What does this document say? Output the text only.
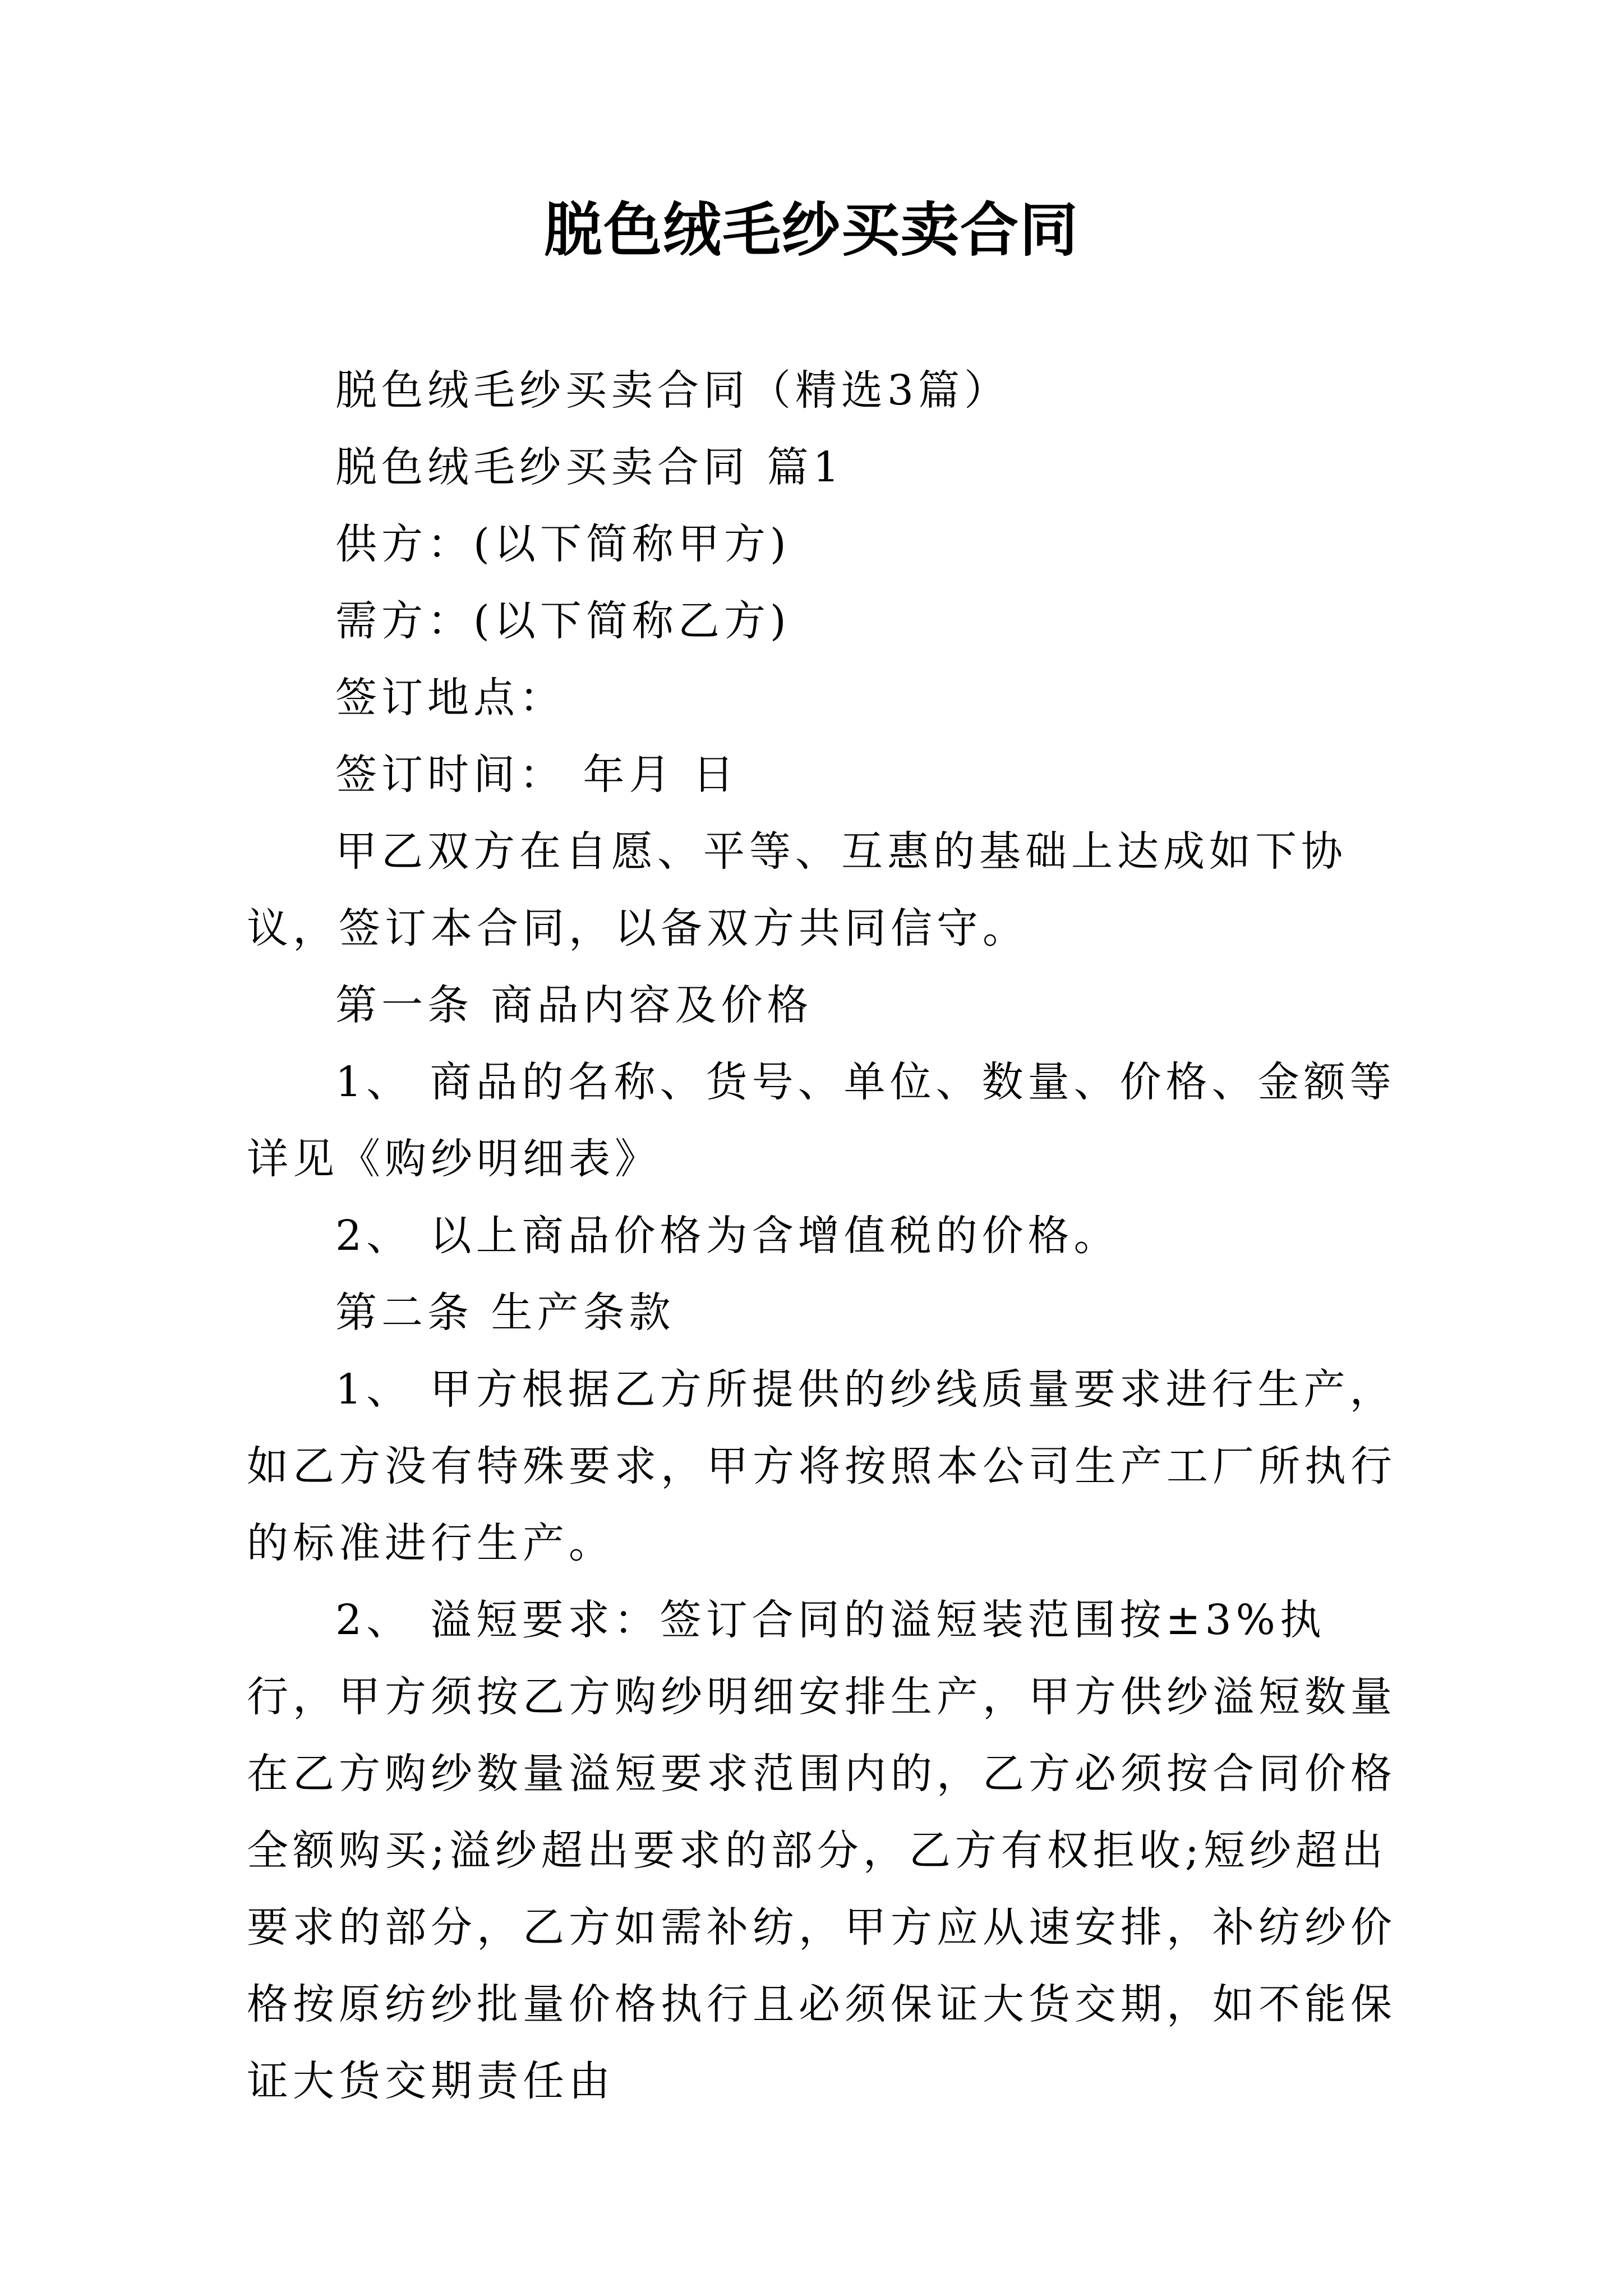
脱色绒毛纱买卖合同

脱色绒毛纱买卖合同（精选3篇）

脱色绒毛纱买卖合同 篇1

供方：(以下简称甲方)

需方：(以下简称乙方)

签订地点：

签订时间： 年月 日

甲乙双方在自愿、平等、互惠的基础上达成如下协议，签订本合同，以备双方共同信守。

第一条 商品内容及价格

1、 商品的名称、货号、单位、数量、价格、金额等详见《购纱明细表》

2、 以上商品价格为含增值税的价格。

第二条 生产条款

1、 甲方根据乙方所提供的纱线质量要求进行生产，如乙方没有特殊要求，甲方将按照本公司生产工厂所执行的标准进行生产。

2、 溢短要求：签订合同的溢短装范围按±3%执行，甲方须按乙方购纱明细安排生产，甲方供纱溢短数量在乙方购纱数量溢短要求范围内的，乙方必须按合同价格全额购买;溢纱超出要求的部分，乙方有权拒收;短纱超出要求的部分，乙方如需补纺，甲方应从速安排，补纺纱价格按原纺纱批量价格执行且必须保证大货交期，如不能保证大货交期责任由
